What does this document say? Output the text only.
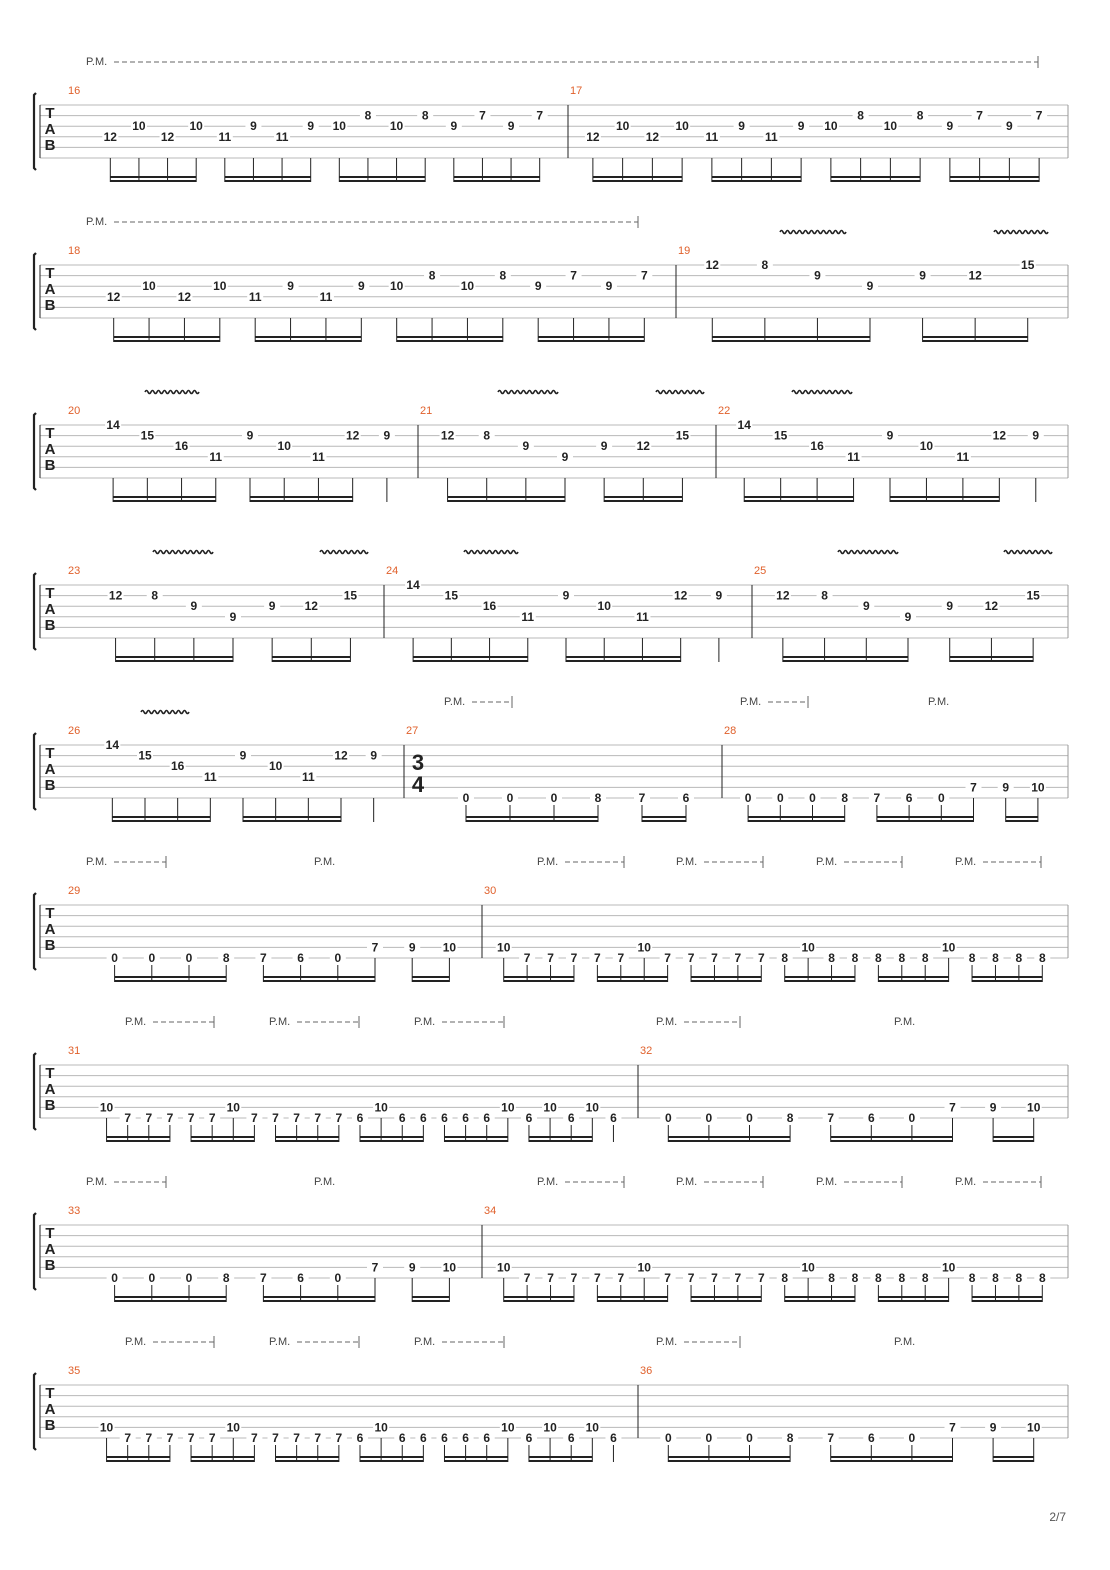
T
A
B
P.M.
16
12
10
12
10
11
9
11
9 10
8
10
8
9
7
9
7
17
12
10
12
10
11
9
11
9 10
8
10
8
9
7
9
7
T
A
B
P.M.
18
12
10
12
10
11
9
11
9 10
8
10
8
9
7
9
7
19
12	8
9
9
9	12
15
T
A
B
20
14
15
16
11
9
10
11
12 9
21
12 8
9
9
9 12
15
22
14
15
16
11
9
10
11
12 9
T
A
B
23
12 8
9
9
9 12
15
24
14
15
16
11
9
10
11
12 9
25
12	8
9
9
9	12
15
T
A
B
P.M.	P.M.	P.M.
26
14
15
16
11
9
10
11
12 9
27
3
4
0	0	0	8	7	6
28
0 0 0 8 7 6 0
7 9 10
T
A
B
P.M.	P.M.	P.M.	P.M.	P.M.	P.M.
29
0	0	0	8	7	6	0
7	9 10
30
10
7 7 7 7 7
10
7 7 7 7 7 8
10
8 8 8 8 8
10
8 8 8 8
T
A
B
P.M.	P.M.	P.M.	P.M.	P.M.
31
10
7 7 7 7 7
10
7 7 7 7 7 6
10
6 6 6 6 6
10
6
10
6
10
6
32
0	0	0	8	7	6	0
7	9	10
T
A
B
P.M.	P.M.	P.M.	P.M.	P.M.	P.M.
33
0	0	0	8	7	6	0
7	9 10
34
10
7 7 7 7 7
10
7 7 7 7 7 8
10
8 8 8 8 8
10
8 8 8 8
T
A
B
P.M.	P.M.	P.M.	P.M.	P.M.
35
10
7 7 7 7 7
10
7 7 7 7 7 6
10
6 6 6 6 6
10
6
10
6
10
6
36
0	0	0	8	7	6	0
7	9	10
2/7
